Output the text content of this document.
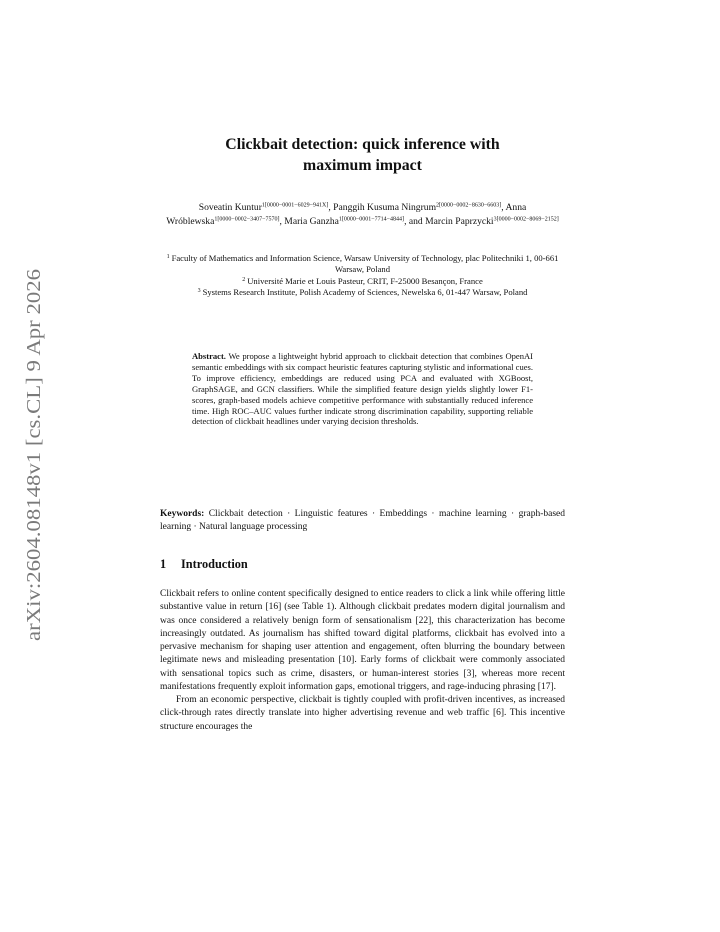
arXiv:2604.08148v1 [cs.CL] 9 Apr 2026
Clickbait detection: quick inference with
maximum impact
Soveatin Kuntur$^{1[0000-0001-6029-941X]}$, Panggih Kusuma Ningrum$^{2[0000-0002-8630-6603]}$, Anna Wróblewska$^{1[0000-0002-3407-7570]}$, Maria Ganzha$^{1[0000-0001-7714-4844]}$, and Marcin Paprzycki$^{3[0000-0002-8069-2152]}$
$^1$ Faculty of Mathematics and Information Science, Warsaw University of Technology, plac Politechniki 1, 00-661 Warsaw, Poland
$^2$ Université Marie et Louis Pasteur, CRIT, F-25000 Besançon, France
$^3$ Systems Research Institute, Polish Academy of Sciences, Newelska 6, 01-447 Warsaw, Poland

Abstract. We propose a lightweight hybrid approach to clickbait detection that combines OpenAI semantic embeddings with six compact heuristic features capturing stylistic and informational cues. To improve efficiency, embeddings are reduced using PCA and evaluated with XGBoost, GraphSAGE, and GCN classifiers. While the simplified feature design yields slightly lower F1-scores, graph-based models achieve competitive performance with substantially reduced inference time. High ROC–AUC values further indicate strong discrimination capability, supporting reliable detection of clickbait headlines under varying decision thresholds.

Keywords: Clickbait detection · Linguistic features · Embeddings · machine learning · graph-based learning · Natural language processing

1 Introduction

Clickbait refers to online content specifically designed to entice readers to click a link while offering little substantive value in return [16] (see Table 1). Although clickbait predates modern digital journalism and was once considered a relatively benign form of sensationalism [22], this characterization has become increasingly outdated. As journalism has shifted toward digital platforms, clickbait has evolved into a pervasive mechanism for shaping user attention and engagement, often blurring the boundary between legitimate news and misleading presentation [10]. Early forms of clickbait were commonly associated with sensational topics such as crime, disasters, or human-interest stories [3], whereas more recent manifestations frequently exploit information gaps, emotional triggers, and rage-inducing phrasing [17].

From an economic perspective, clickbait is tightly coupled with profit-driven incentives, as increased click-through rates directly translate into higher advertising revenue and web traffic [6]. This incentive structure encourages the
